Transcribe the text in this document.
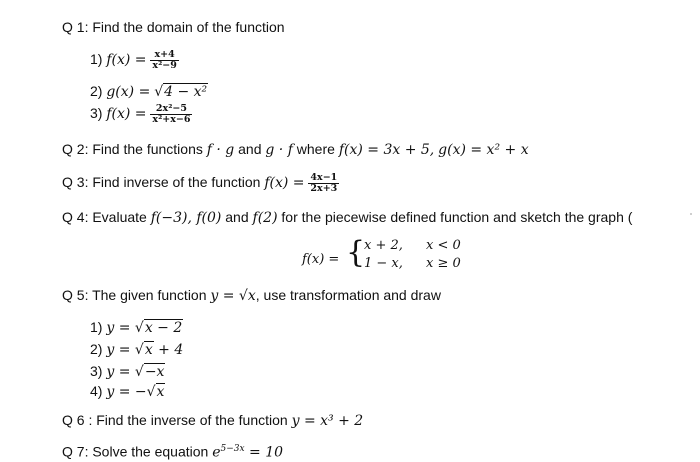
Q 1: Find the domain of the function
1) $f(x) = \frac{x+4}{\text{x²−9}}$
2) g(x) = √4 − x²
3) $f(x) = \frac{\text{2x²−5}}{\text{x²+x−6}}$
Q 2: Find the functions f · g and g · f where f(x) = 3x + 5, g(x) = x² + x
Q 3: Find inverse of the function $f(x) = \frac{4x-1}{2x+3}$
Q 4: Evaluate f(−3), f(0) and f(2) for the piecewise defined function and sketch the graph (
f(x) = {
x + 2, x < 0
1 − x, x ≥ 0
Q 5: The given function y = √x, use transformation and draw
1) y = √x − 2
2) y = √x + 4
3) y = √−x
4) y = −√x
Q 6 : Find the inverse of the function y = x³ + 2
Q 7: Solve the equation $e^{5-3x} = 10$
